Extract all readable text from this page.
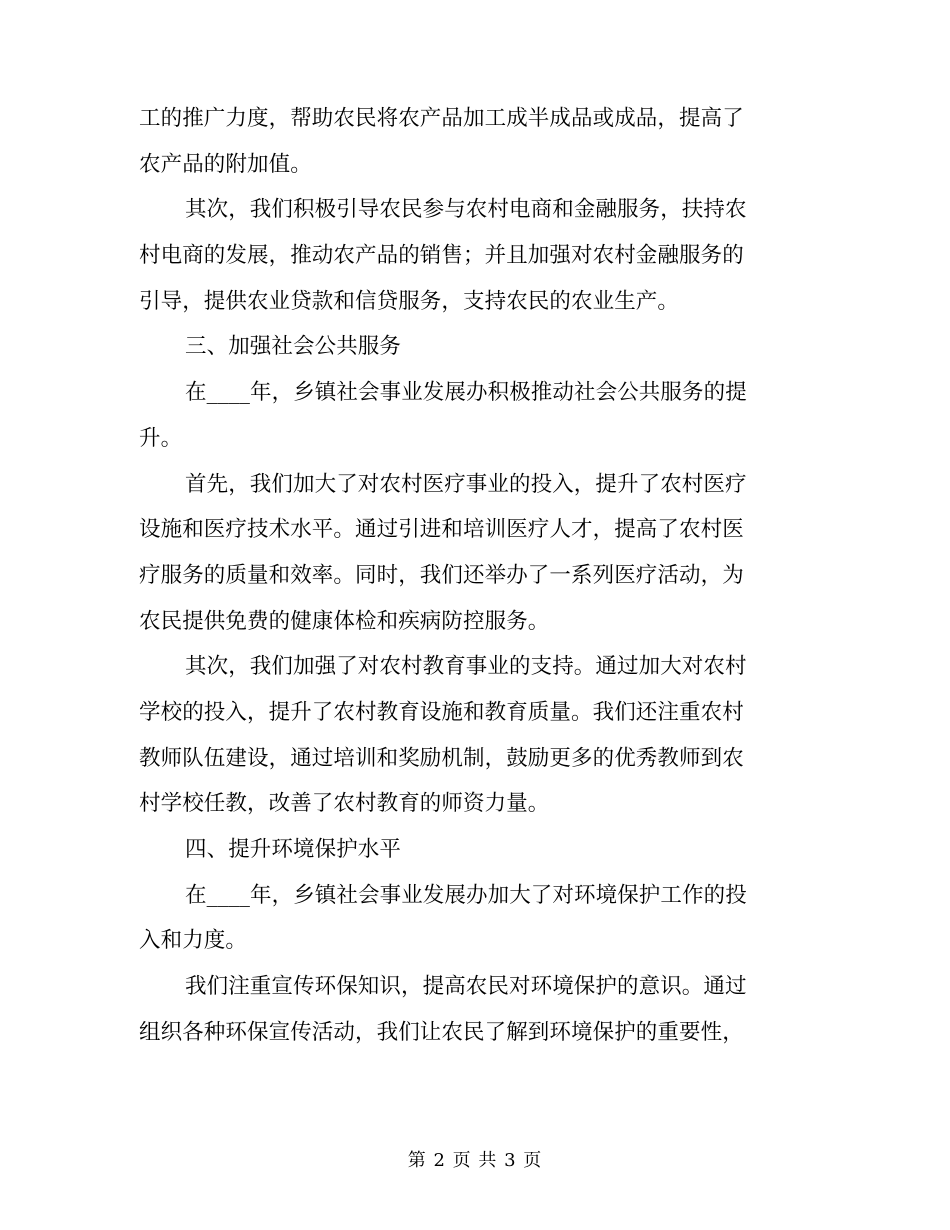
工的推广力度，帮助农民将农产品加工成半成品或成品，提高了
农产品的附加值。
其次，我们积极引导农民参与农村电商和金融服务，扶持农
村电商的发展，推动农产品的销售；并且加强对农村金融服务的
引导，提供农业贷款和信贷服务，支持农民的农业生产。
三、加强社会公共服务
在____年，乡镇社会事业发展办积极推动社会公共服务的提
升。
首先，我们加大了对农村医疗事业的投入，提升了农村医疗
设施和医疗技术水平。通过引进和培训医疗人才，提高了农村医
疗服务的质量和效率。同时，我们还举办了一系列医疗活动，为
农民提供免费的健康体检和疾病防控服务。
其次，我们加强了对农村教育事业的支持。通过加大对农村
学校的投入，提升了农村教育设施和教育质量。我们还注重农村
教师队伍建设，通过培训和奖励机制，鼓励更多的优秀教师到农
村学校任教，改善了农村教育的师资力量。
四、提升环境保护水平
在____年，乡镇社会事业发展办加大了对环境保护工作的投
入和力度。
我们注重宣传环保知识，提高农民对环境保护的意识。通过
组织各种环保宣传活动，我们让农民了解到环境保护的重要性，
第 2 页 共 3 页
